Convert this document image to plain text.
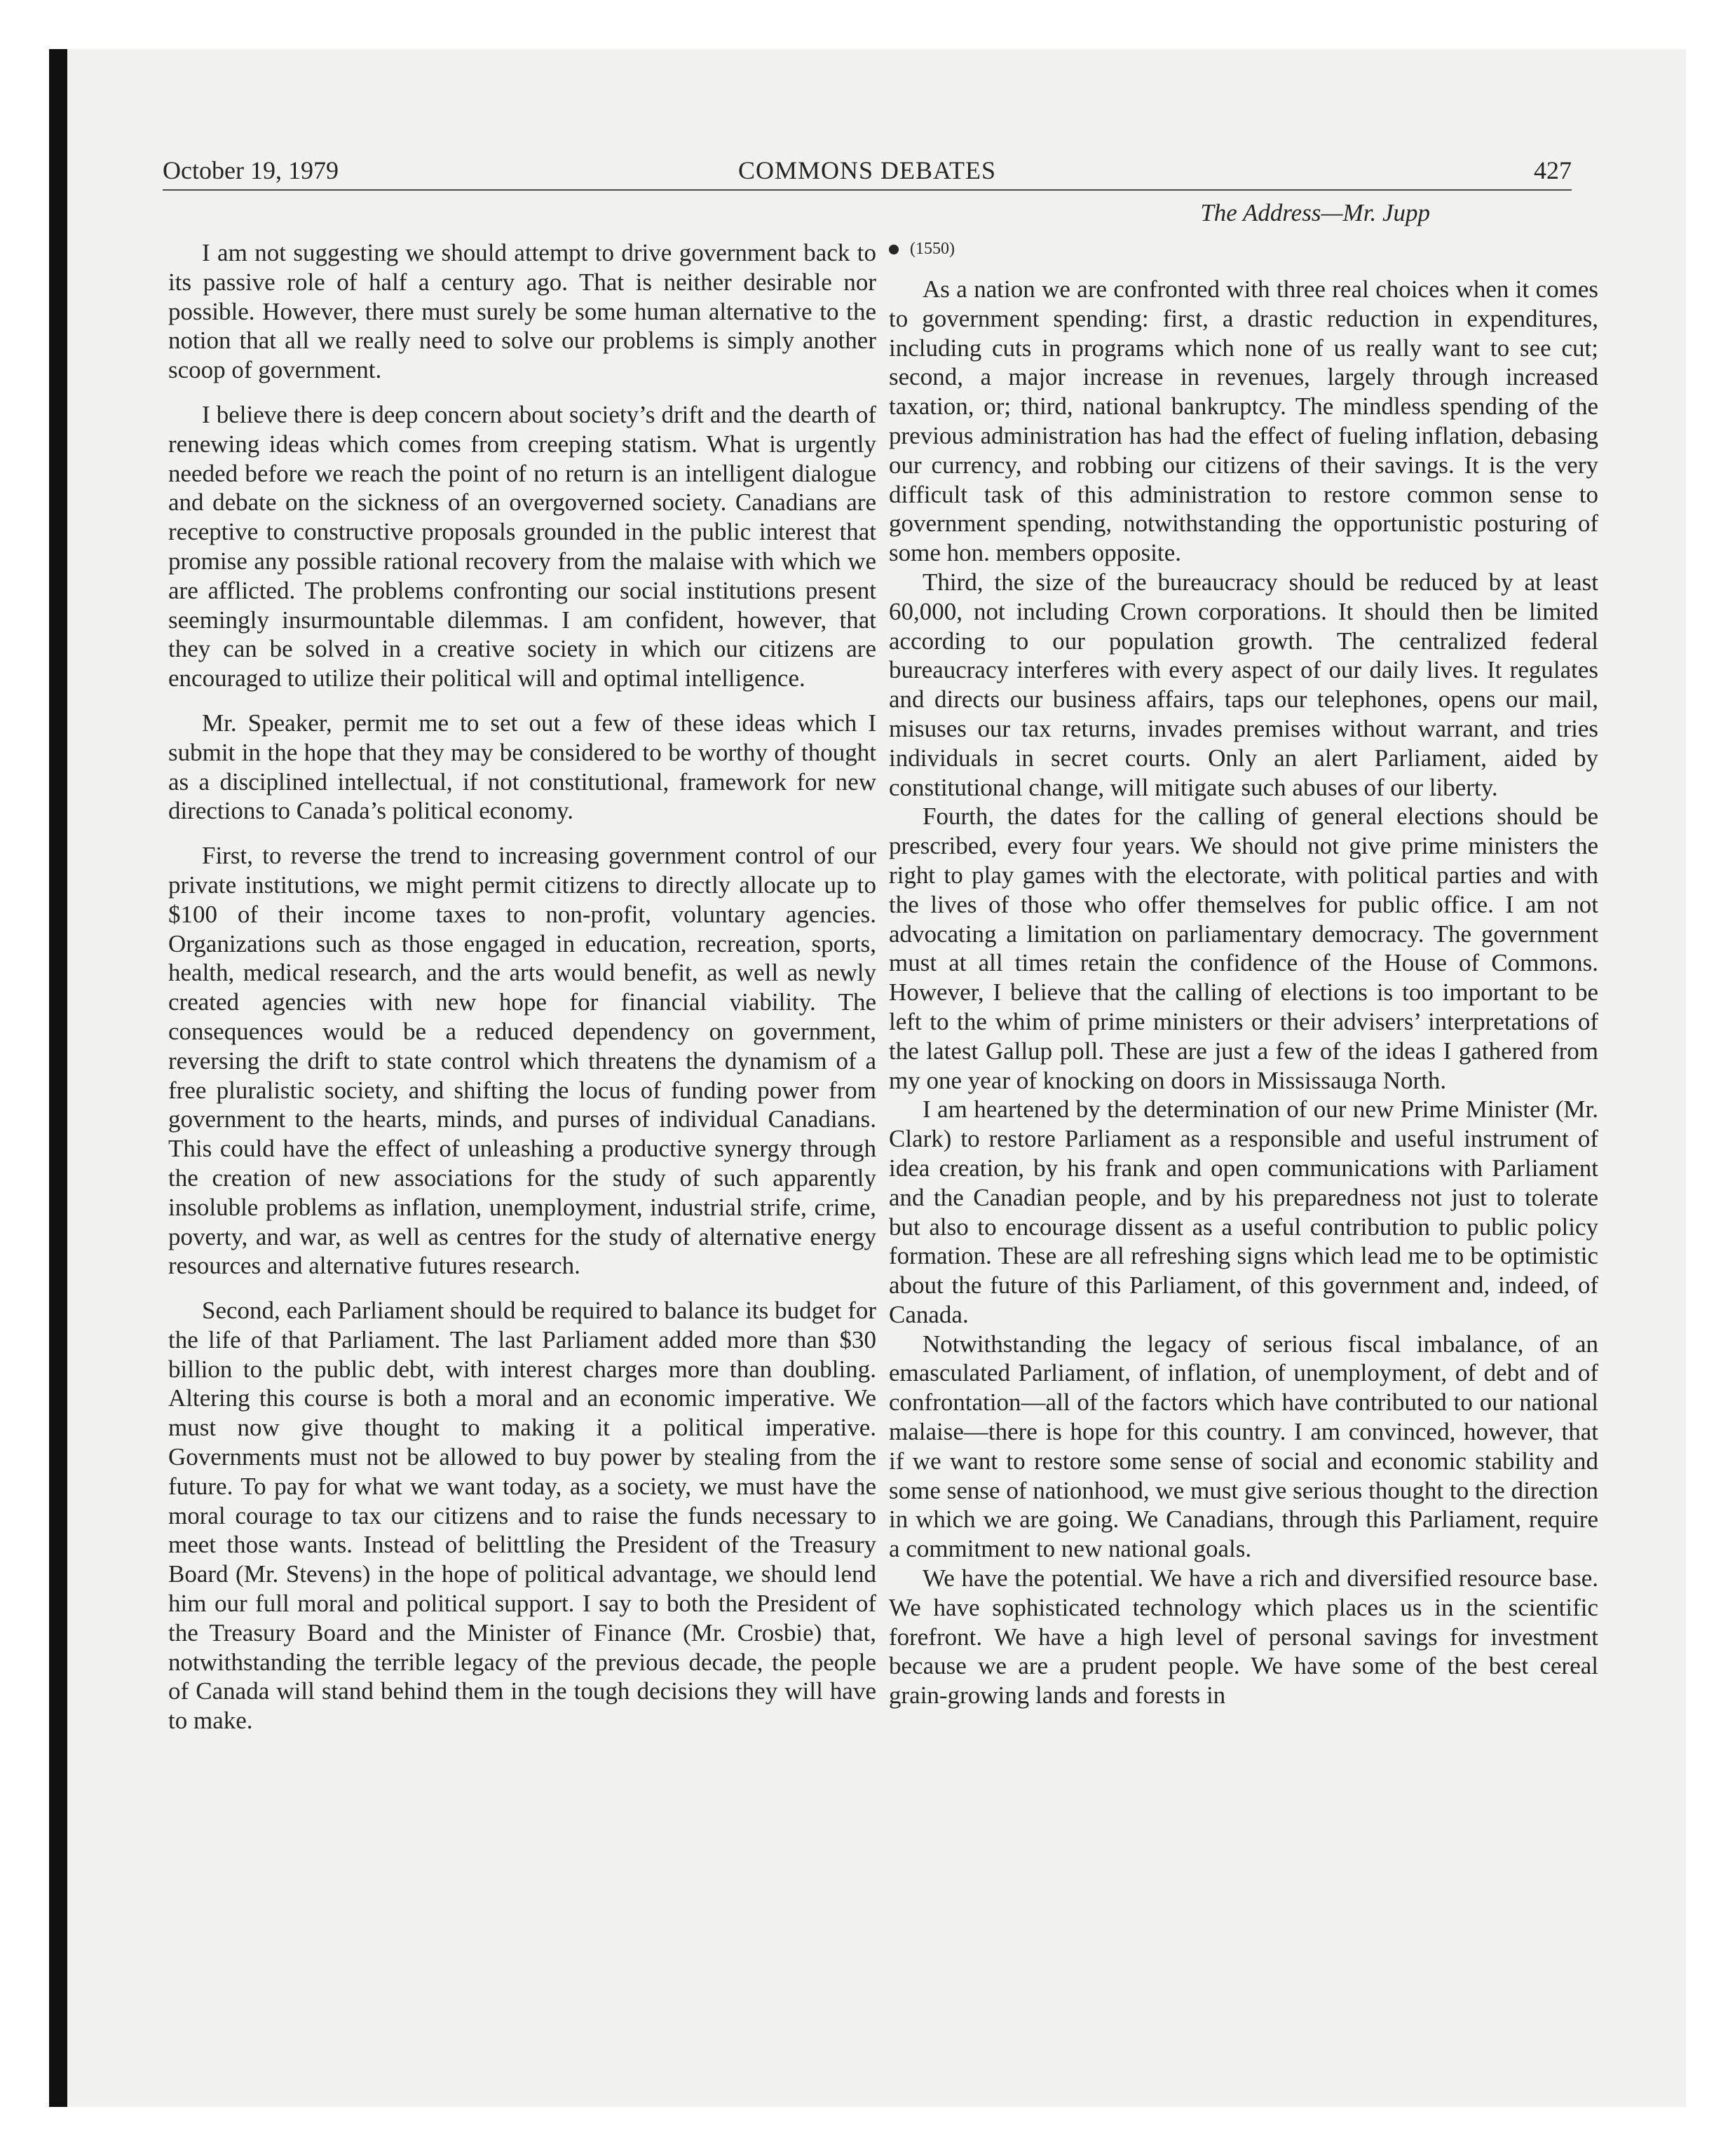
October 19, 1979	COMMONS DEBATES	427
The Address—Mr. Jupp

I am not suggesting we should attempt to drive government back to its passive role of half a century ago. That is neither desirable nor possible. However, there must surely be some human alternative to the notion that all we really need to solve our problems is simply another scoop of government.

I believe there is deep concern about society’s drift and the dearth of renewing ideas which comes from creeping statism. What is urgently needed before we reach the point of no return is an intelligent dialogue and debate on the sickness of an overgoverned society. Canadians are receptive to constructive proposals grounded in the public interest that promise any possible rational recovery from the malaise with which we are afflicted. The problems confronting our social institutions present seemingly insurmountable dilemmas. I am confident, however, that they can be solved in a creative society in which our citizens are encouraged to utilize their political will and optimal intelligence.

Mr. Speaker, permit me to set out a few of these ideas which I submit in the hope that they may be considered to be worthy of thought as a disciplined intellectual, if not constitutional, framework for new directions to Canada’s political economy.

First, to reverse the trend to increasing government control of our private institutions, we might permit citizens to directly allocate up to $100 of their income taxes to non-profit, voluntary agencies. Organizations such as those engaged in education, recreation, sports, health, medical research, and the arts would benefit, as well as newly created agencies with new hope for financial viability. The consequences would be a reduced dependency on government, reversing the drift to state control which threatens the dynamism of a free pluralistic society, and shifting the locus of funding power from government to the hearts, minds, and purses of individual Canadians. This could have the effect of unleashing a productive synergy through the creation of new associations for the study of such apparently insoluble problems as inflation, unemployment, industrial strife, crime, poverty, and war, as well as centres for the study of alternative energy resources and alternative futures research.

Second, each Parliament should be required to balance its budget for the life of that Parliament. The last Parliament added more than $30 billion to the public debt, with interest charges more than doubling. Altering this course is both a moral and an economic imperative. We must now give thought to making it a political imperative. Governments must not be allowed to buy power by stealing from the future. To pay for what we want today, as a society, we must have the moral courage to tax our citizens and to raise the funds necessary to meet those wants. Instead of belittling the President of the Treasury Board (Mr. Stevens) in the hope of political advantage, we should lend him our full moral and political support. I say to both the President of the Treasury Board and the Minister of Finance (Mr. Crosbie) that, notwithstanding the terrible legacy of the previous decade, the people of Canada will stand behind them in the tough decisions they will have to make.

(1550)

As a nation we are confronted with three real choices when it comes to government spending: first, a drastic reduction in expenditures, including cuts in programs which none of us really want to see cut; second, a major increase in revenues, largely through increased taxation, or; third, national bankruptcy. The mindless spending of the previous administration has had the effect of fueling inflation, debasing our currency, and robbing our citizens of their savings. It is the very difficult task of this administration to restore common sense to government spending, notwithstanding the opportunistic posturing of some hon. members opposite.

Third, the size of the bureaucracy should be reduced by at least 60,000, not including Crown corporations. It should then be limited according to our population growth. The centralized federal bureaucracy interferes with every aspect of our daily lives. It regulates and directs our business affairs, taps our telephones, opens our mail, misuses our tax returns, invades premises without warrant, and tries individuals in secret courts. Only an alert Parliament, aided by constitutional change, will mitigate such abuses of our liberty.

Fourth, the dates for the calling of general elections should be prescribed, every four years. We should not give prime ministers the right to play games with the electorate, with political parties and with the lives of those who offer themselves for public office. I am not advocating a limitation on parliamentary democracy. The government must at all times retain the confidence of the House of Commons. However, I believe that the calling of elections is too important to be left to the whim of prime ministers or their advisers’ interpretations of the latest Gallup poll. These are just a few of the ideas I gathered from my one year of knocking on doors in Mississauga North.

I am heartened by the determination of our new Prime Minister (Mr. Clark) to restore Parliament as a responsible and useful instrument of idea creation, by his frank and open communications with Parliament and the Canadian people, and by his preparedness not just to tolerate but also to encourage dissent as a useful contribution to public policy formation. These are all refreshing signs which lead me to be optimistic about the future of this Parliament, of this government and, indeed, of Canada.

Notwithstanding the legacy of serious fiscal imbalance, of an emasculated Parliament, of inflation, of unemployment, of debt and of confrontation—all of the factors which have contributed to our national malaise—there is hope for this country. I am convinced, however, that if we want to restore some sense of social and economic stability and some sense of nationhood, we must give serious thought to the direction in which we are going. We Canadians, through this Parliament, require a commitment to new national goals.

We have the potential. We have a rich and diversified resource base. We have sophisticated technology which places us in the scientific forefront. We have a high level of personal savings for investment because we are a prudent people. We have some of the best cereal grain-growing lands and forests in
